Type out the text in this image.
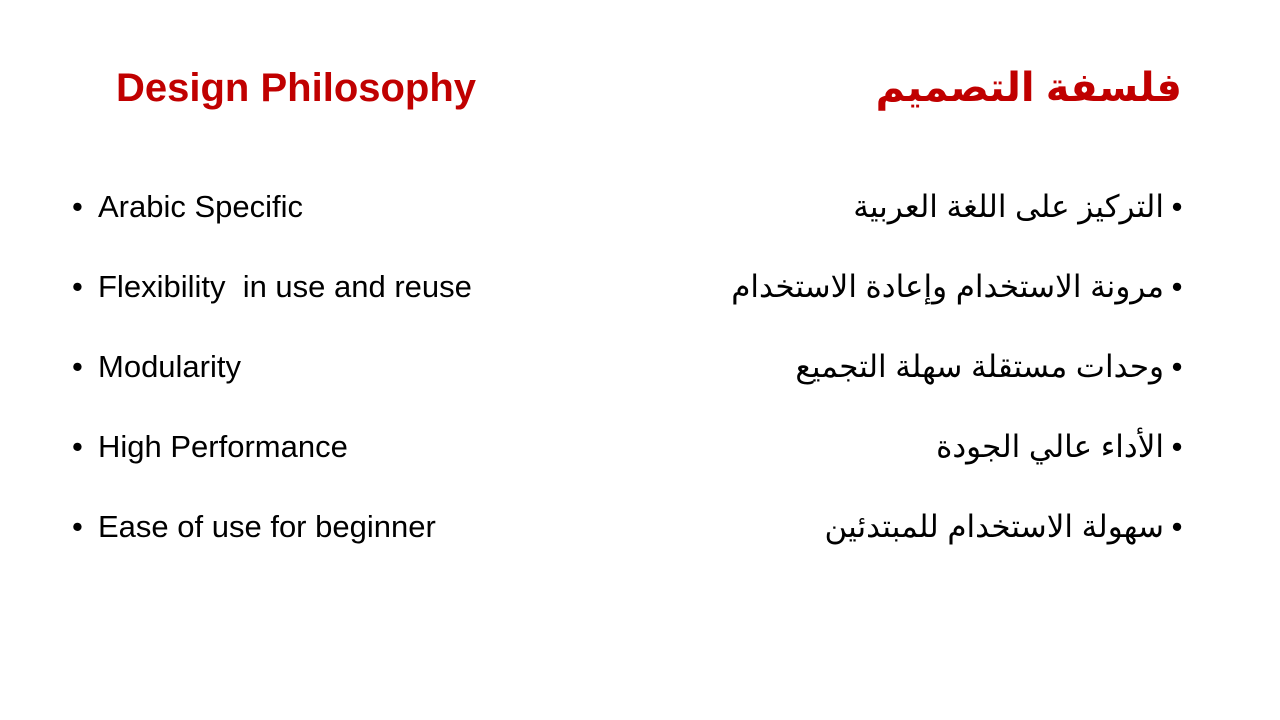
Design Philosophy	فلسفة التصميم
• Arabic Specific
• Flexibility  in use and reuse
• Modularity
• High Performance
• Ease of use for beginner
•
التركيز على اللغة العربية
•
مرونة الاستخدام وإعادة الاستخدام
•
وحدات مستقلة سهلة التجميع
•
الأداء عالي الجودة
•
سهولة الاستخدام للمبتدئين
